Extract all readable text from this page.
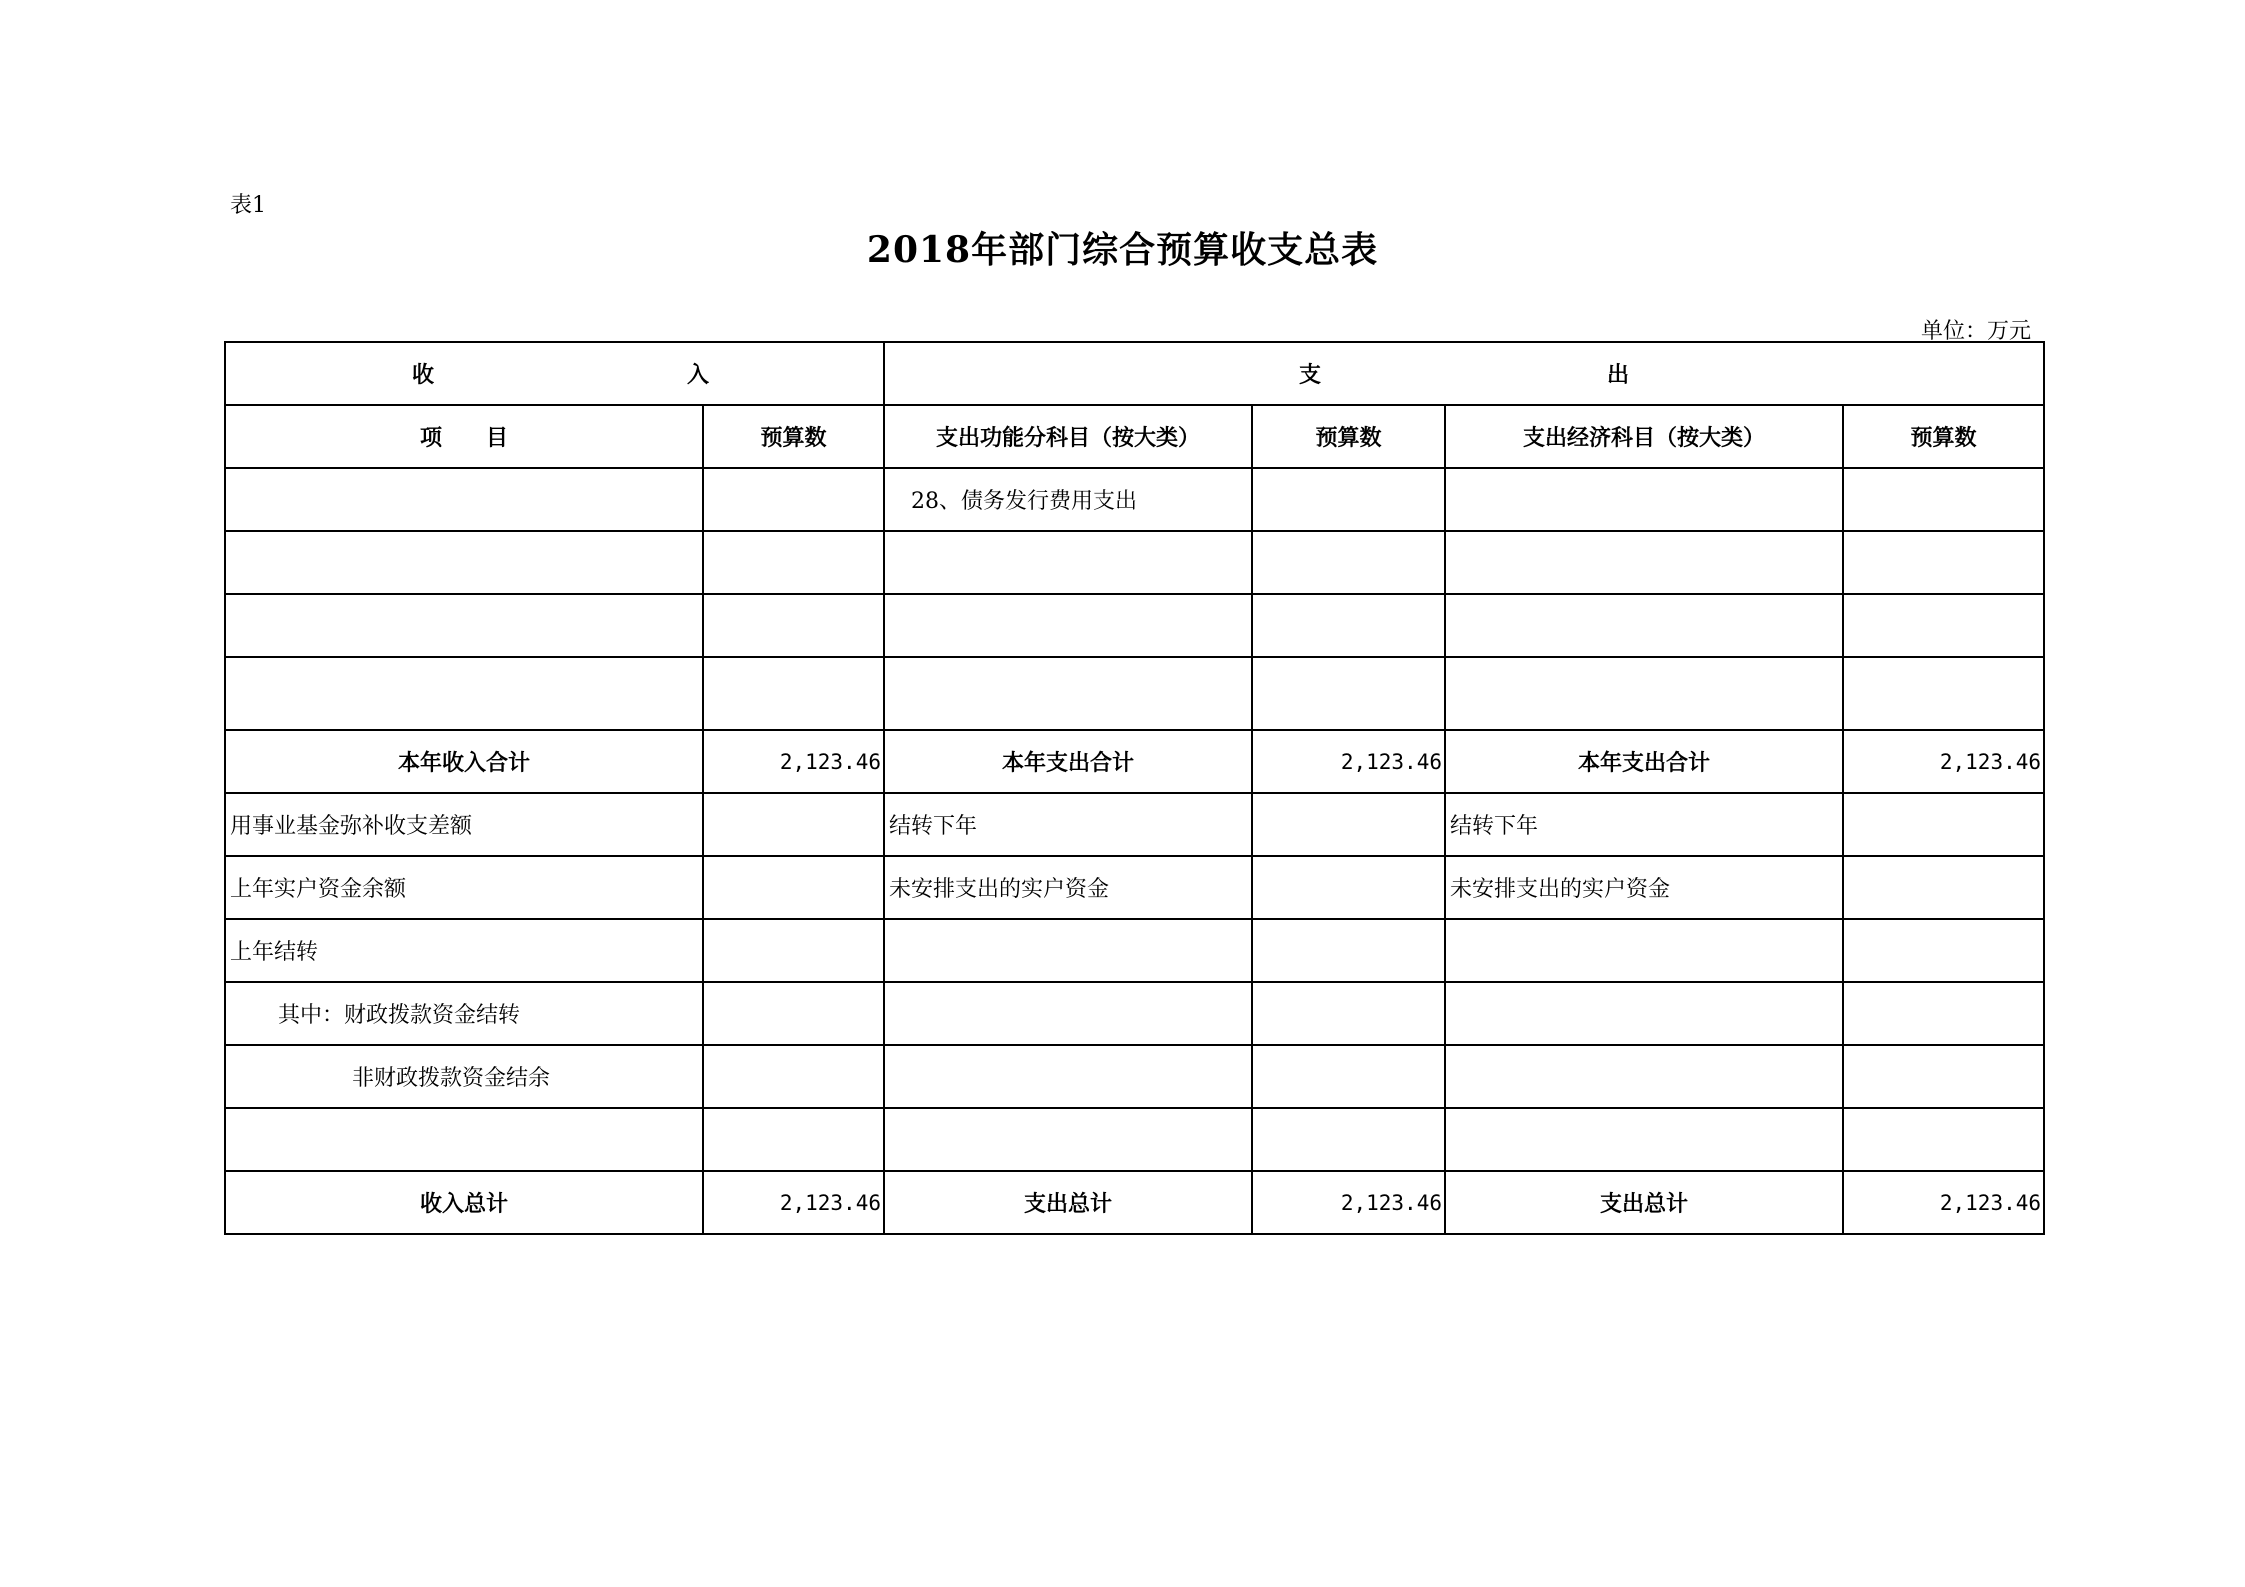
表1
2018年部门综合预算收支总表
单位：万元
收 入		支 出			

项　　目	预算数	支出功能分科目（按大类）	预算数	支出经济科目（按大类）	预算数
		28、债务发行费用支出			

本年收入合计	2,123.46	本年支出合计	2,123.46	本年支出合计	2,123.46
用事业基金弥补收支差额		结转下年		结转下年	
上年实户资金余额		未安排支出的实户资金		未安排支出的实户资金	
上年结转					
其中：财政拨款资金结转					
非财政拨款资金结余					

收入总计	2,123.46	支出总计	2,123.46	支出总计	2,123.46
